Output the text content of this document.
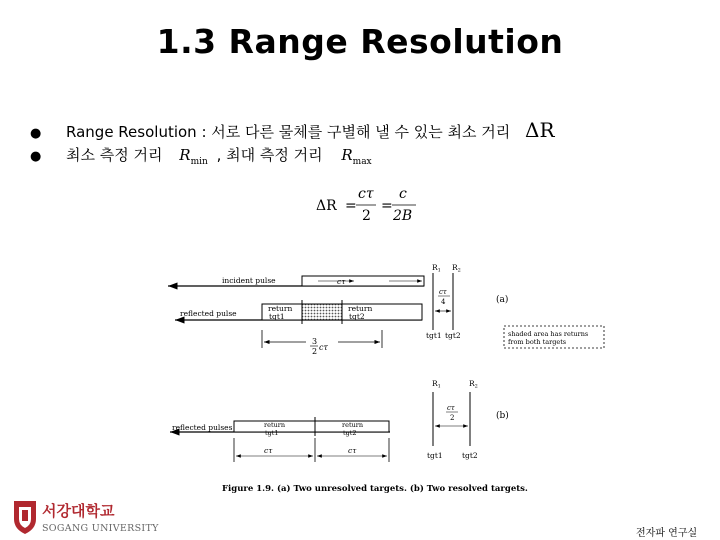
1.3 Range Resolution
● Range Resolution : 서로 다른 물체를 구별해 낼 수 있는 최소 거리 ΔR
● 최소 측정 거리 $R_{min}$ , 최대 측정 거리 $R_{max}$
ΔR =
cτ
2
=
c
2B
incident pulse	cτ
reflected pulse
return
tgt1
return
tgt2
3
2 cτ
$R_1$ $R_2$
cτ
4	(a)
tgt1 tgt2	shaded area has returns
from both targets
reflected pulses	return
tgt1
return
tgt2
cτ	cτ
$R_1$	$R_2$
cτ
2	(b)
tgt1	tgt2
Figure 1.9. (a) Two unresolved targets. (b) Two resolved targets.
서강대학교
SOGANG UNIVERSITY	전자파 연구실
